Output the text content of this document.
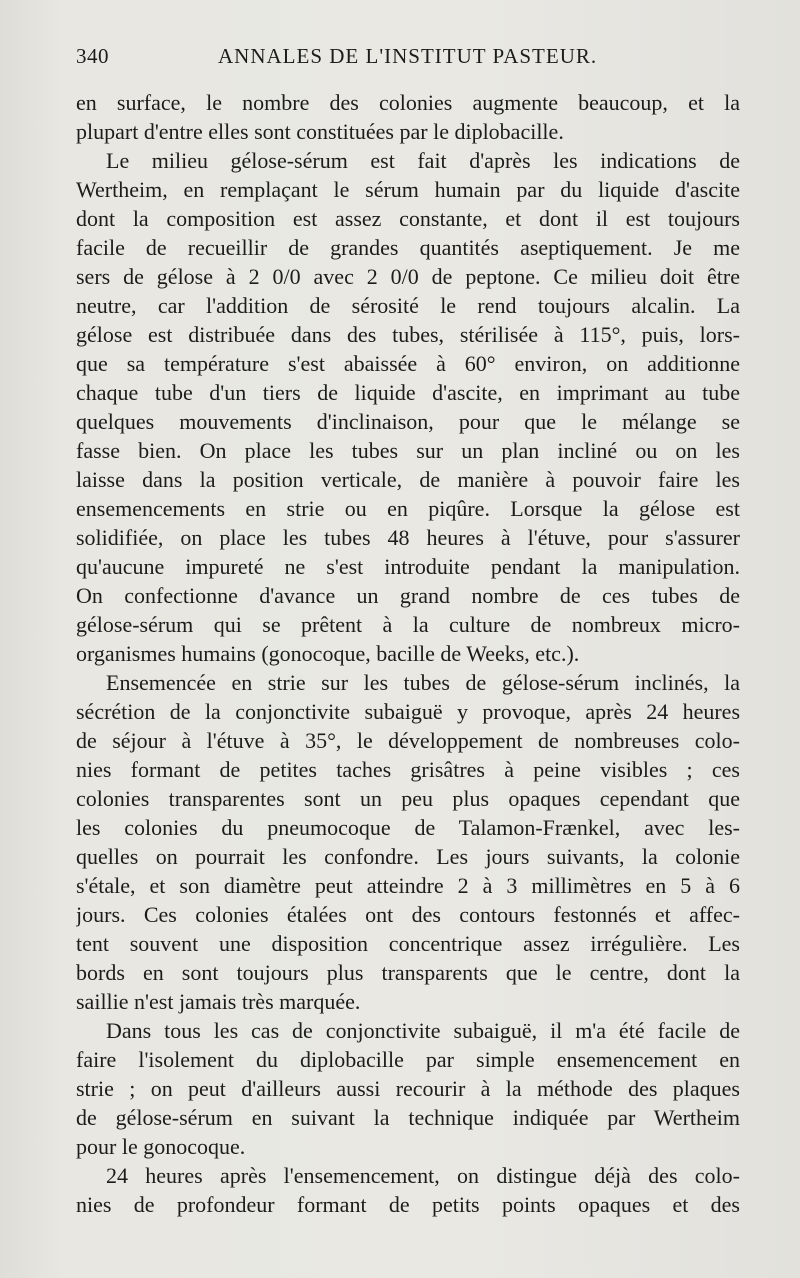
340	ANNALES DE L'INSTITUT PASTEUR.
en surface, le nombre des colonies augmente beaucoup, et la
plupart d'entre elles sont constituées par le diplobacille.
Le milieu gélose-sérum est fait d'après les indications de
Wertheim, en remplaçant le sérum humain par du liquide d'ascite
dont la composition est assez constante, et dont il est toujours
facile de recueillir de grandes quantités aseptiquement. Je me
sers de gélose à 2 0/0 avec 2 0/0 de peptone. Ce milieu doit être
neutre, car l'addition de sérosité le rend toujours alcalin. La
gélose est distribuée dans des tubes, stérilisée à 115°, puis, lors-
que sa température s'est abaissée à 60° environ, on additionne
chaque tube d'un tiers de liquide d'ascite, en imprimant au tube
quelques mouvements d'inclinaison, pour que le mélange se
fasse bien. On place les tubes sur un plan incliné ou on les
laisse dans la position verticale, de manière à pouvoir faire les
ensemencements en strie ou en piqûre. Lorsque la gélose est
solidifiée, on place les tubes 48 heures à l'étuve, pour s'assurer
qu'aucune impureté ne s'est introduite pendant la manipulation.
On confectionne d'avance un grand nombre de ces tubes de
gélose-sérum qui se prêtent à la culture de nombreux micro-
organismes humains (gonocoque, bacille de Weeks, etc.).
Ensemencée en strie sur les tubes de gélose-sérum inclinés, la
sécrétion de la conjonctivite subaiguë y provoque, après 24 heures
de séjour à l'étuve à 35°, le développement de nombreuses colo-
nies formant de petites taches grisâtres à peine visibles ; ces
colonies transparentes sont un peu plus opaques cependant que
les colonies du pneumocoque de Talamon-Frænkel, avec les-
quelles on pourrait les confondre. Les jours suivants, la colonie
s'étale, et son diamètre peut atteindre 2 à 3 millimètres en 5 à 6
jours. Ces colonies étalées ont des contours festonnés et affec-
tent souvent une disposition concentrique assez irrégulière. Les
bords en sont toujours plus transparents que le centre, dont la
saillie n'est jamais très marquée.
Dans tous les cas de conjonctivite subaiguë, il m'a été facile de
faire l'isolement du diplobacille par simple ensemencement en
strie ; on peut d'ailleurs aussi recourir à la méthode des plaques
de gélose-sérum en suivant la technique indiquée par Wertheim
pour le gonocoque.
24 heures après l'ensemencement, on distingue déjà des colo-
nies de profondeur formant de petits points opaques et des
